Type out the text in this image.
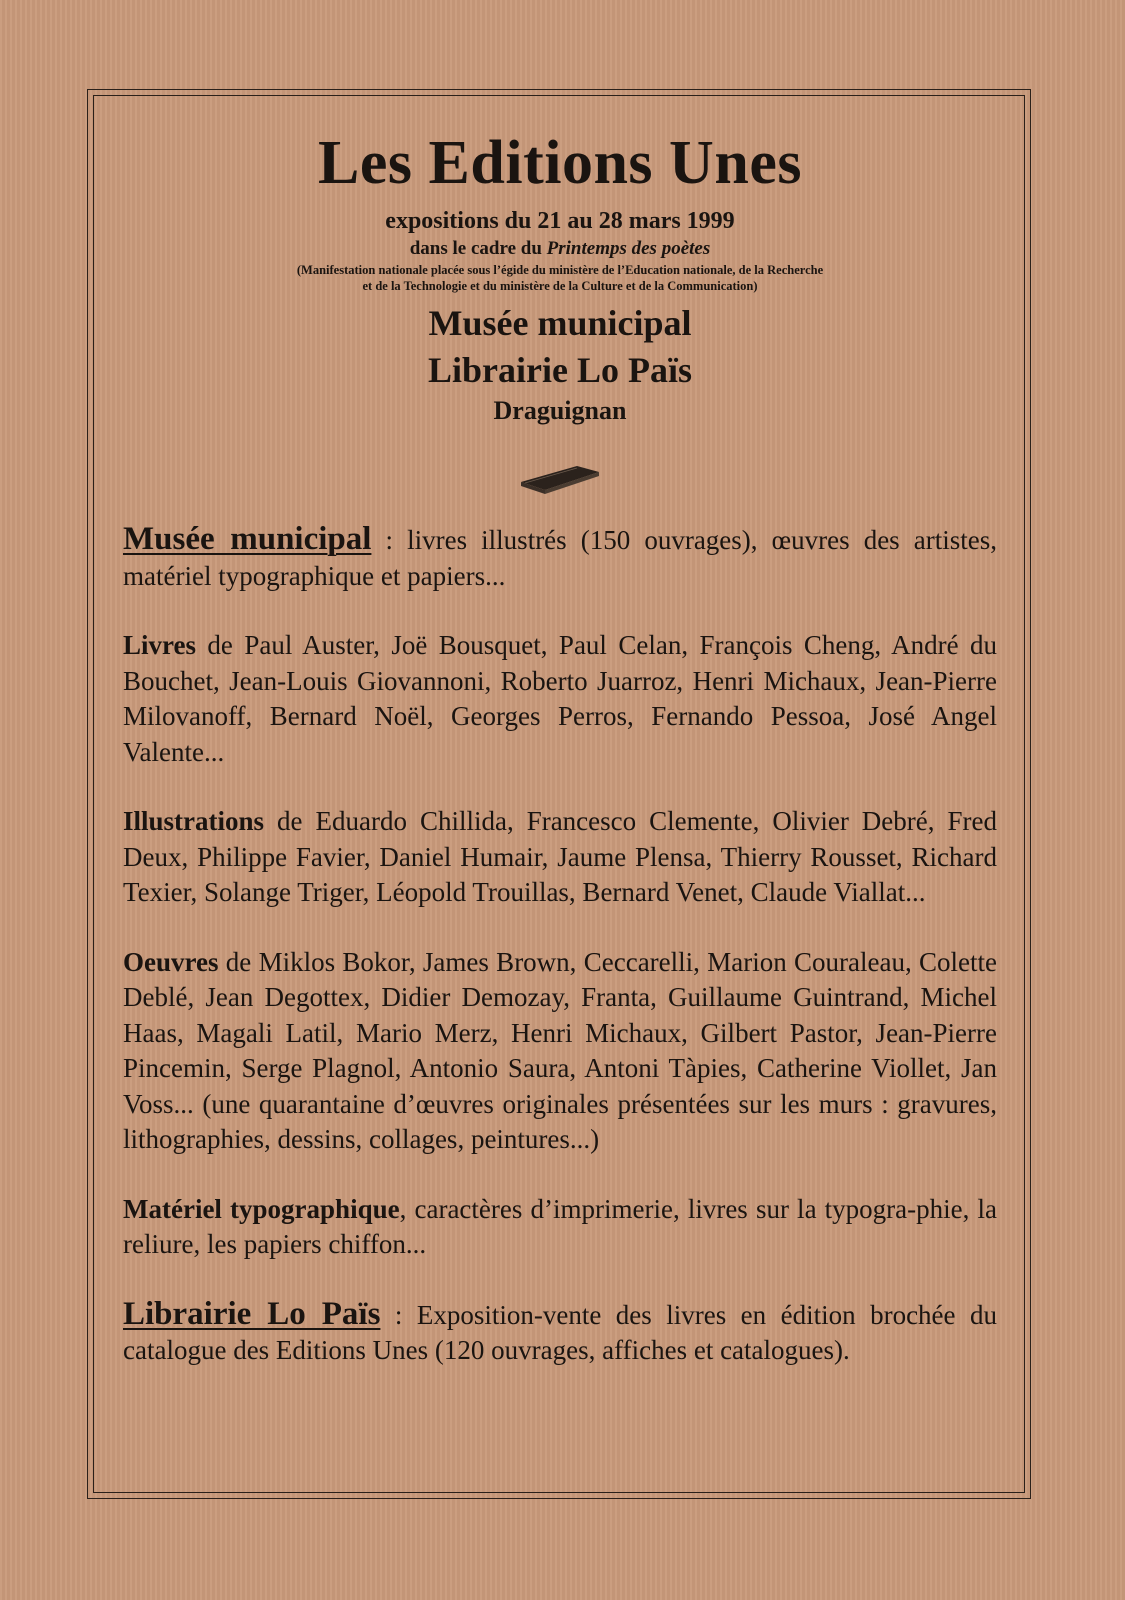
Les Editions Unes
expositions du 21 au 28 mars 1999
dans le cadre du Printemps des poètes
(Manifestation nationale placée sous l’égide du ministère de l’Education nationale, de la Recherche
et de la Technologie et du ministère de la Culture et de la Communication)
Musée municipal
Librairie Lo Païs
Draguignan

Musée municipal : livres illustrés (150 ouvrages), œuvres des artistes, matériel typographique et papiers...

Livres de Paul Auster, Joë Bousquet, Paul Celan, François Cheng, André du Bouchet, Jean-Louis Giovannoni, Roberto Juarroz, Henri Michaux, Jean-Pierre Milovanoff, Bernard Noël, Georges Perros, Fernando Pessoa, José Angel Valente...

Illustrations de Eduardo Chillida, Francesco Clemente, Olivier Debré, Fred Deux, Philippe Favier, Daniel Humair, Jaume Plensa, Thierry Rousset, Richard Texier, Solange Triger, Léopold Trouillas, Bernard Venet, Claude Viallat...

Oeuvres de Miklos Bokor, James Brown, Ceccarelli, Marion Couraleau, Colette Deblé, Jean Degottex, Didier Demozay, Franta, Guillaume Guintrand, Michel Haas, Magali Latil, Mario Merz, Henri Michaux, Gilbert Pastor, Jean-Pierre Pincemin, Serge Plagnol, Antonio Saura, Antoni Tàpies, Catherine Viollet, Jan Voss... (une quarantaine d’œuvres originales présentées sur les murs : gravures, lithographies, dessins, collages, peintures...)

Matériel typographique, caractères d’imprimerie, livres sur la typogra-phie, la reliure, les papiers chiffon...

Librairie Lo Païs : Exposition-vente des livres en édition brochée du catalogue des Editions Unes (120 ouvrages, affiches et catalogues).
